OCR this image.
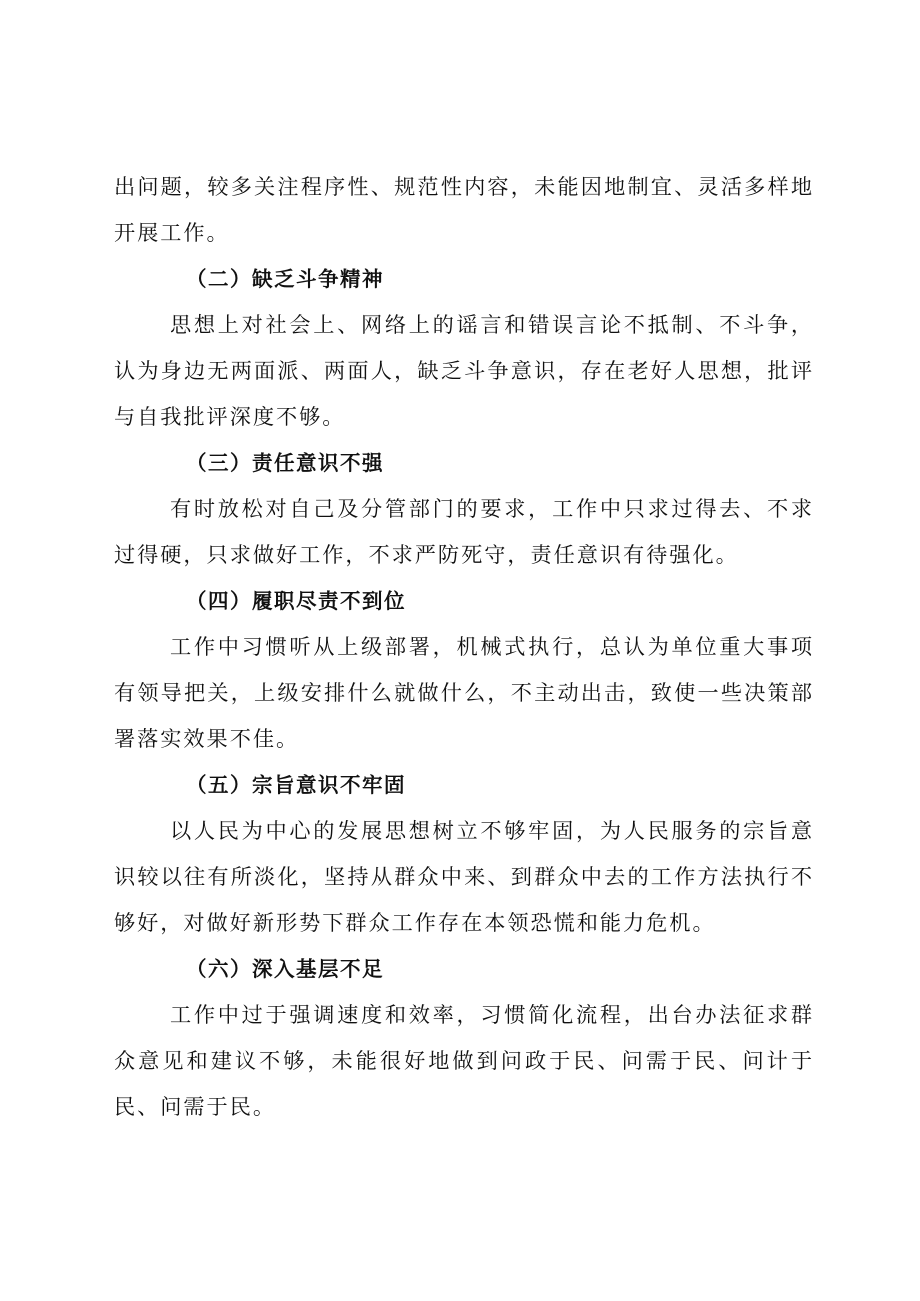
出问题，较多关注程序性、规范性内容，未能因地制宜、灵活多样地开展工作。

（二）缺乏斗争精神

思想上对社会上、网络上的谣言和错误言论不抵制、不斗争，认为身边无两面派、两面人，缺乏斗争意识，存在老好人思想，批评与自我批评深度不够。

（三）责任意识不强

有时放松对自己及分管部门的要求，工作中只求过得去、不求过得硬，只求做好工作，不求严防死守，责任意识有待强化。

（四）履职尽责不到位

工作中习惯听从上级部署，机械式执行，总认为单位重大事项有领导把关，上级安排什么就做什么，不主动出击，致使一些决策部署落实效果不佳。

（五）宗旨意识不牢固

以人民为中心的发展思想树立不够牢固，为人民服务的宗旨意识较以往有所淡化，坚持从群众中来、到群众中去的工作方法执行不够好，对做好新形势下群众工作存在本领恐慌和能力危机。

（六）深入基层不足

工作中过于强调速度和效率，习惯简化流程，出台办法征求群众意见和建议不够，未能很好地做到问政于民、问需于民、问计于民、问需于民。
